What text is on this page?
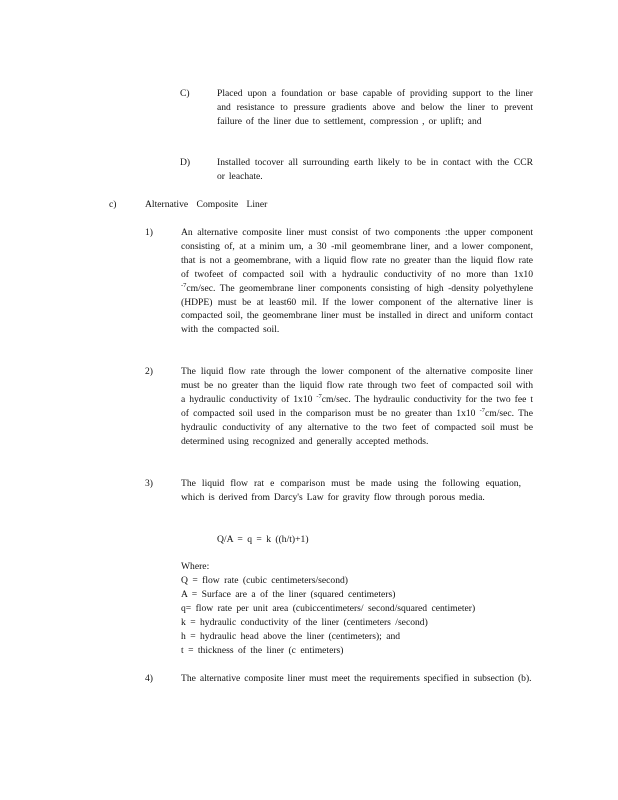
C)	Placed upon a foundation or base capable of providing support to the liner and resistance to pressure gradients above and below the liner to prevent failure of the liner due to settlement, compression , or uplift; and
D)	Installed tocover all surrounding earth likely to be in contact with the CCR or leachate.
c)	Alternative Composite Liner
1)	An alternative composite liner must consist of two components :the upper component consisting of, at a minim um, a 30 -mil geomembrane liner, and a lower component, that is not a geomembrane, with a liquid flow rate no greater than the liquid flow rate of twofeet of compacted soil with a hydraulic conductivity of no more than 1x10 $^{-7}$cm/sec. The geomembrane liner components consisting of high -density polyethylene (HDPE) must be at least60 mil. If the lower component of the alternative liner is compacted soil, the geomembrane liner must be installed in direct and uniform contact with the compacted soil.
2)	The liquid flow rate through the lower component of the alternative composite liner must be no greater than the liquid flow rate through two feet of compacted soil with a hydraulic conductivity of 1x10 $^{-7}$cm/sec. The hydraulic conductivity for the two fee t of compacted soil used in the comparison must be no greater than 1x10 $^{-7}$cm/sec. The hydraulic conductivity of any alternative to the two feet of compacted soil must be determined using recognized and generally accepted methods.
3)	The liquid flow rat e comparison must be made using the following equation, which is derived from Darcy's Law for gravity flow through porous media.
Q/A = q = k ((h/t)+1)
Where:
Q = flow rate (cubic centimeters/second)
A = Surface are a of the liner (squared centimeters)
q= flow rate per unit area (cubiccentimeters/ second/squared centimeter)
k = hydraulic conductivity of the liner (centimeters /second)
h = hydraulic head above the liner (centimeters); and
t = thickness of the liner (c entimeters)
4)	The alternative composite liner must meet the requirements specified in subsection (b).
